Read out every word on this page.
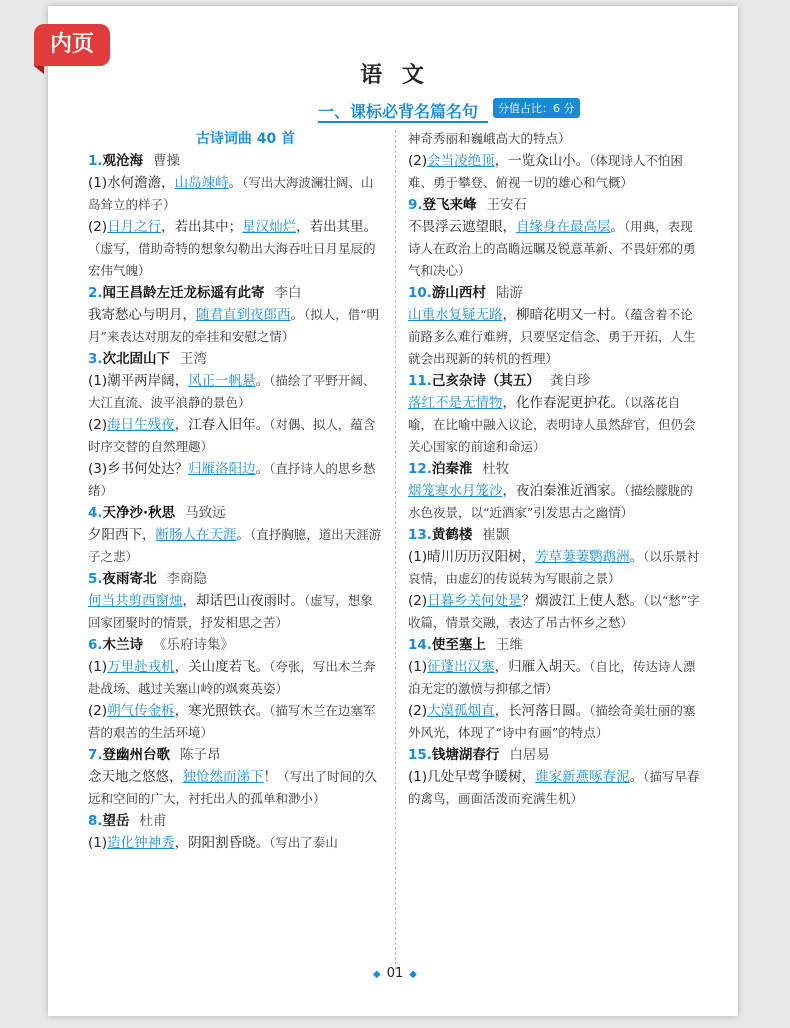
内页
语 文
一、课标必背名篇名句	分值占比：6 分
古诗词曲 40 首
1.观沧海 曹操
(1)水何澹澹，山岛竦峙。（写出大海波澜壮阔、山岛耸立的样子）
(2)日月之行，若出其中；星汉灿烂，若出其里。（虚写，借助奇特的想象勾勒出大海吞吐日月星辰的宏伟气魄）
2.闻王昌龄左迁龙标遥有此寄 李白
我寄愁心与明月，随君直到夜郎西。（拟人，借“明月”来表达对朋友的牵挂和安慰之情）
3.次北固山下 王湾
(1)潮平两岸阔，风正一帆悬。（描绘了平野开阔、大江直流、波平浪静的景色）
(2)海日生残夜，江春入旧年。（对偶、拟人，蕴含时序交替的自然理趣）
(3)乡书何处达？归雁洛阳边。（直抒诗人的思乡愁绪）
4.天净沙·秋思 马致远
夕阳西下，断肠人在天涯。（直抒胸臆，道出天涯游子之悲）
5.夜雨寄北 李商隐
何当共剪西窗烛，却话巴山夜雨时。（虚写，想象回家团聚时的情景，抒发相思之苦）
6.木兰诗 《乐府诗集》
(1)万里赴戎机，关山度若飞。（夸张，写出木兰奔赴战场、越过关塞山岭的飒爽英姿）
(2)朔气传金柝，寒光照铁衣。（描写木兰在边塞军营的艰苦的生活环境）
7.登幽州台歌 陈子昂
念天地之悠悠，独怆然而涕下！（写出了时间的久远和空间的广大，衬托出人的孤单和渺小）
8.望岳 杜甫
(1)造化钟神秀，阴阳割昏晓。（写出了泰山
神奇秀丽和巍峨高大的特点）
(2)会当凌绝顶，一览众山小。（体现诗人不怕困难、勇于攀登、俯视一切的雄心和气概）
9.登飞来峰 王安石
不畏浮云遮望眼，自缘身在最高层。（用典，表现诗人在政治上的高瞻远瞩及锐意革新、不畏奸邪的勇气和决心）
10.游山西村 陆游
山重水复疑无路，柳暗花明又一村。（蕴含着不论前路多么难行难辨，只要坚定信念、勇于开拓，人生就会出现新的转机的哲理）
11.己亥杂诗（其五） 龚自珍
落红不是无情物，化作春泥更护花。（以落花自喻，在比喻中融入议论，表明诗人虽然辞官，但仍会关心国家的前途和命运）
12.泊秦淮 杜牧
烟笼寒水月笼沙，夜泊秦淮近酒家。（描绘朦胧的水色夜景，以“近酒家”引发思古之幽情）
13.黄鹤楼 崔颢
(1)晴川历历汉阳树，芳草萋萋鹦鹉洲。（以乐景衬哀情，由虚幻的传说转为写眼前之景）
(2)日暮乡关何处是？烟波江上使人愁。（以“愁”字收篇，情景交融，表达了吊古怀乡之愁）
14.使至塞上 王维
(1)征蓬出汉塞，归雁入胡天。（自比，传达诗人漂泊无定的激愤与抑郁之情）
(2)大漠孤烟直，长河落日圆。（描绘奇美壮丽的塞外风光，体现了“诗中有画”的特点）
15.钱塘湖春行 白居易
(1)几处早莺争暖树，谁家新燕啄春泥。（描写早春的禽鸟，画面活泼而充满生机）
◆ 01 ◆
